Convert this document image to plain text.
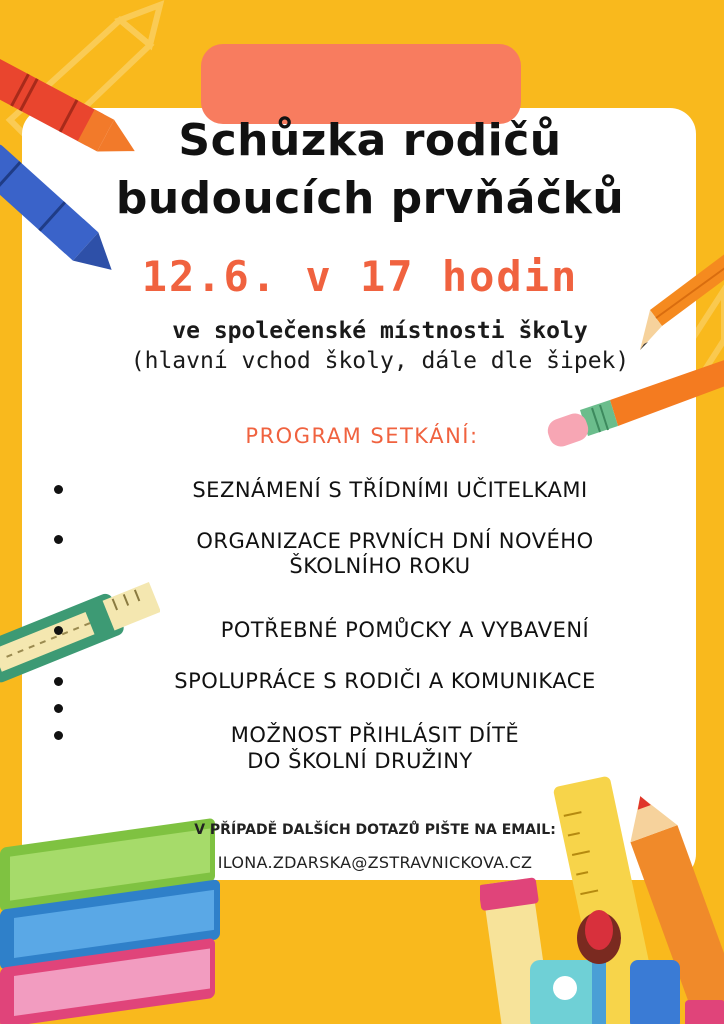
Schůzka rodičů
budoucích prvňáčků
12.6. v 17 hodin
ve společenské místnosti školy
(hlavní vchod školy, dále dle šipek)
PROGRAM SETKÁNÍ:
SEZNÁMENÍ S TŘÍDNÍMI UČITELKAMI
ORGANIZACE PRVNÍCH DNÍ NOVÉHO
ŠKOLNÍHO ROKU
POTŘEBNÉ POMŮCKY A VYBAVENÍ
SPOLUPRÁCE S RODIČI A KOMUNIKACE
MOŽNOST PŘIHLÁSIT DÍTĚ
DO ŠKOLNÍ DRUŽINY
V PŘÍPADĚ DALŠÍCH DOTAZŮ PIŠTE NA EMAIL:
ILONA.ZDARSKA@ZSTRAVNICKOVA.CZ
